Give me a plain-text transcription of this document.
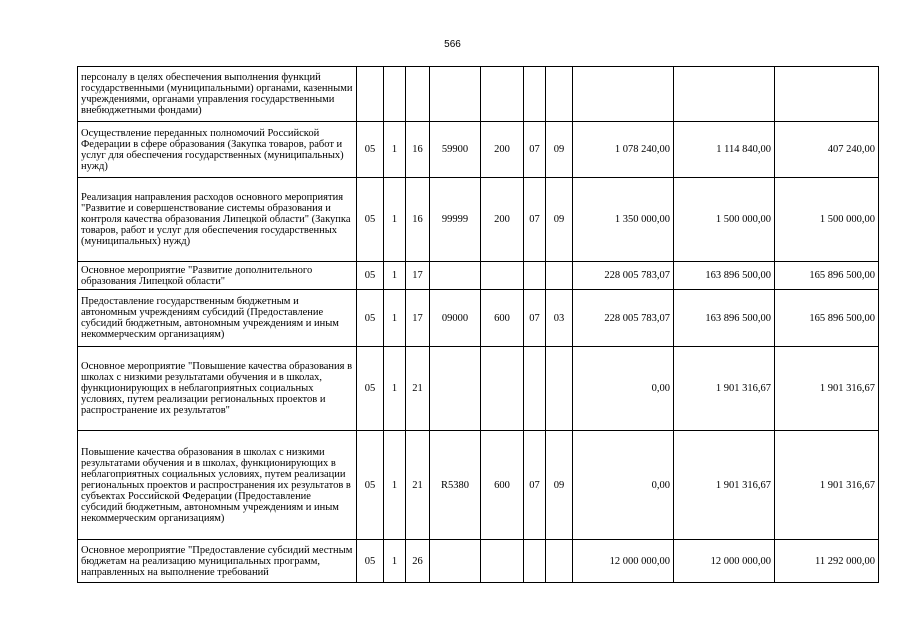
566
персоналу в целях обеспечения выполнения функций государственными (муниципальными) органами, казенными учреждениями, органами управления государственными внебюджетными фондами)										
Осуществление переданных полномочий Российской Федерации в сфере образования (Закупка товаров, работ и услуг для обеспечения государственных (муниципальных) нужд)	05	1	16	59900	200	07	09	1 078 240,00	1 114 840,00	407 240,00
Реализация направления расходов основного мероприятия "Развитие и совершенствование системы образования и контроля качества образования Липецкой области" (Закупка товаров, работ и услуг для обеспечения государственных (муниципальных) нужд)	05	1	16	99999	200	07	09	1 350 000,00	1 500 000,00	1 500 000,00
Основное мероприятие "Развитие дополнительного образования Липецкой области"	05	1	17					228 005 783,07	163 896 500,00	165 896 500,00
Предоставление государственным бюджетным и автономным учреждениям субсидий (Предоставление субсидий бюджетным, автономным учреждениям и иным некоммерческим организациям)	05	1	17	09000	600	07	03	228 005 783,07	163 896 500,00	165 896 500,00
Основное мероприятие "Повышение качества образования в школах с низкими результатами обучения и в школах, функционирующих в неблагоприятных социальных условиях, путем реализации региональных проектов и распространение их результатов"	05	1	21					0,00	1 901 316,67	1 901 316,67
Повышение качества образования в школах с низкими результатами обучения и в школах, функционирующих в неблагоприятных социальных условиях, путем реализации региональных проектов и распространения их результатов в субъектах Российской Федерации (Предоставление субсидий бюджетным, автономным учреждениям и иным некоммерческим организациям)	05	1	21	R5380	600	07	09	0,00	1 901 316,67	1 901 316,67
Основное мероприятие "Предоставление субсидий местным бюджетам на реализацию муниципальных программ, направленных на выполнение требований	05	1	26					12 000 000,00	12 000 000,00	11 292 000,00
